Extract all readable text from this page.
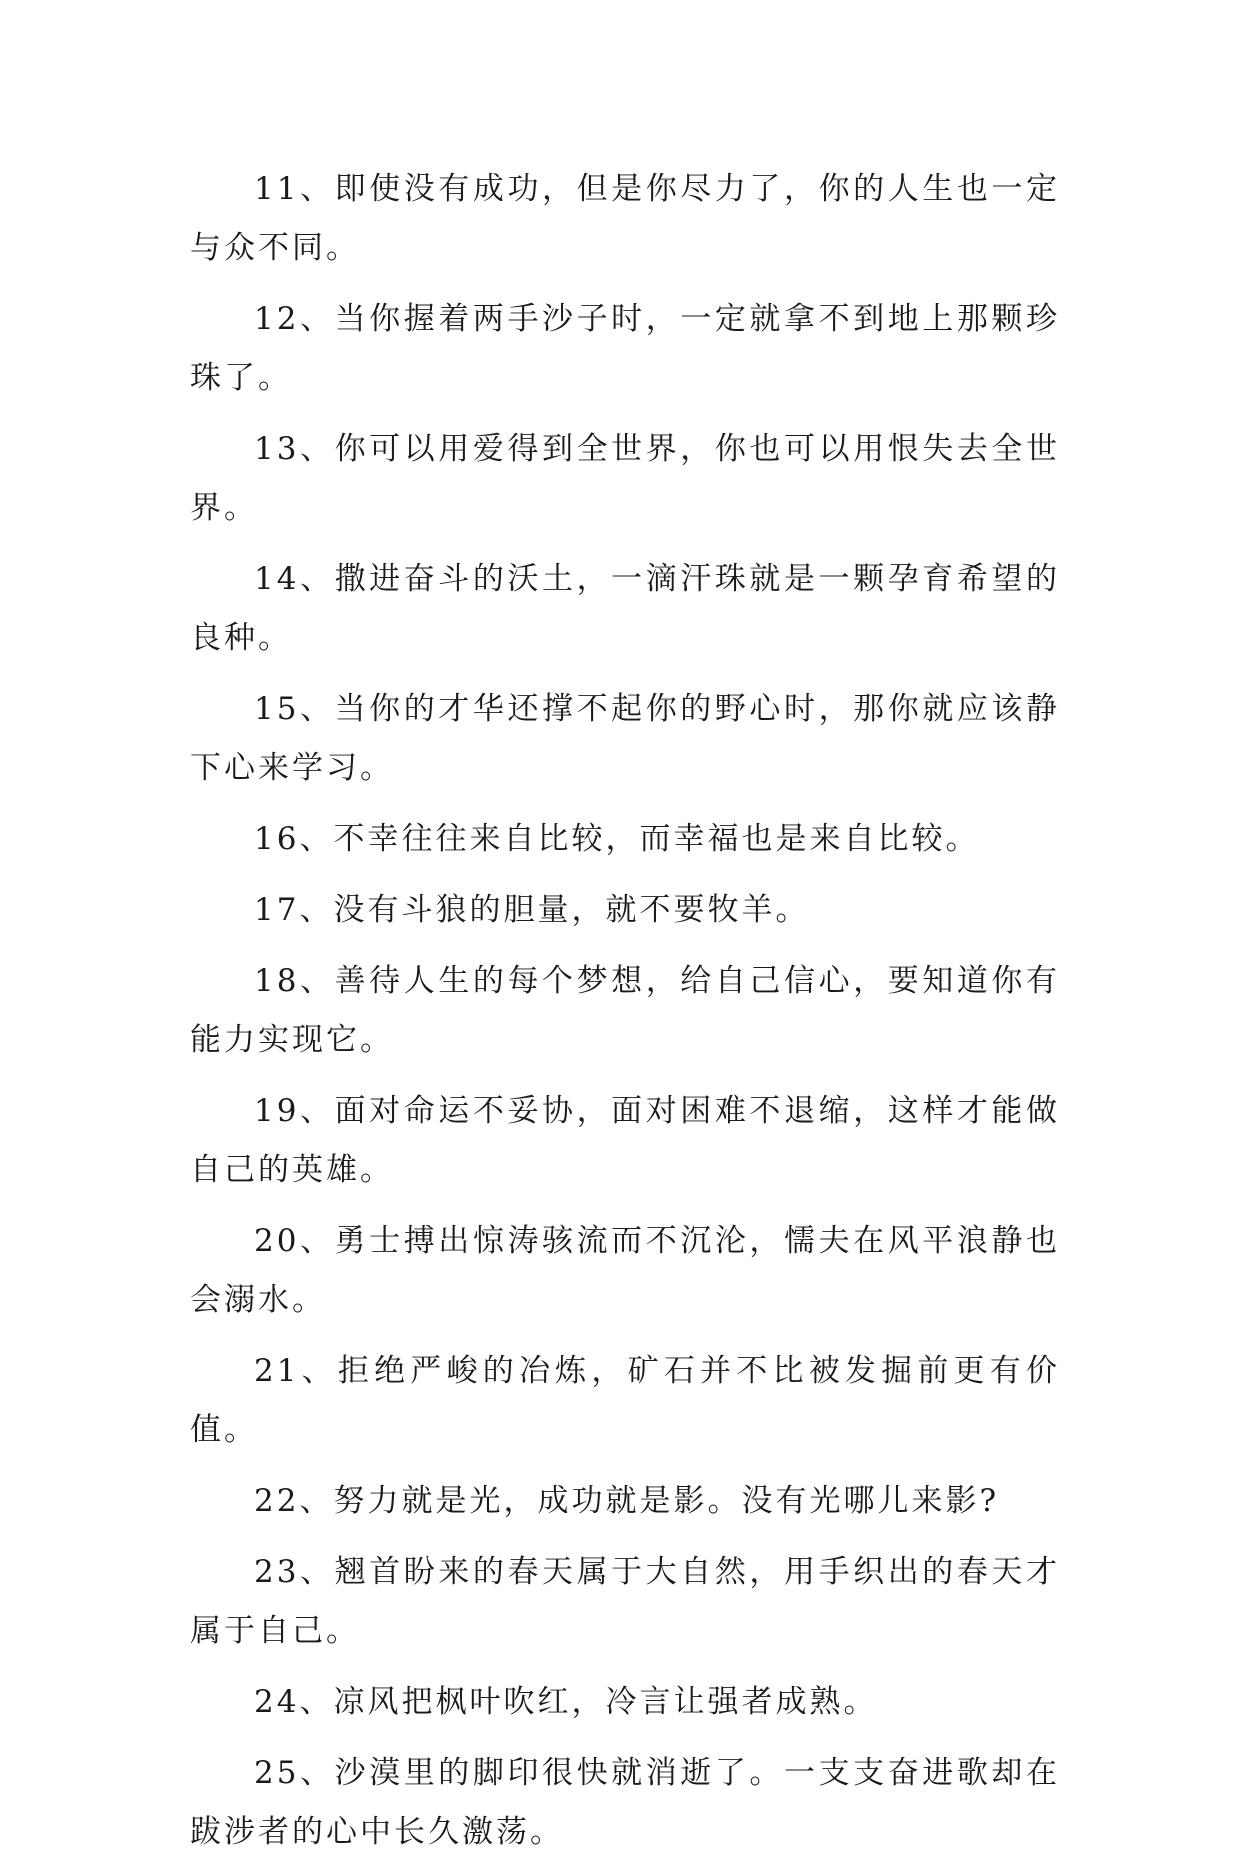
11、即使没有成功，但是你尽力了，你的人生也一定与众不同。

12、当你握着两手沙子时，一定就拿不到地上那颗珍珠了。

13、你可以用爱得到全世界，你也可以用恨失去全世界。

14、撒进奋斗的沃土，一滴汗珠就是一颗孕育希望的良种。

15、当你的才华还撑不起你的野心时，那你就应该静下心来学习。

16、不幸往往来自比较，而幸福也是来自比较。

17、没有斗狼的胆量，就不要牧羊。

18、善待人生的每个梦想，给自己信心，要知道你有能力实现它。

19、面对命运不妥协，面对困难不退缩，这样才能做自己的英雄。

20、勇士搏出惊涛骇流而不沉沦，懦夫在风平浪静也会溺水。

21、拒绝严峻的冶炼，矿石并不比被发掘前更有价值。

22、努力就是光，成功就是影。没有光哪儿来影?

23、翘首盼来的春天属于大自然，用手织出的春天才属于自己。

24、凉风把枫叶吹红，冷言让强者成熟。

25、沙漠里的脚印很快就消逝了。一支支奋进歌却在跋涉者的心中长久激荡。
